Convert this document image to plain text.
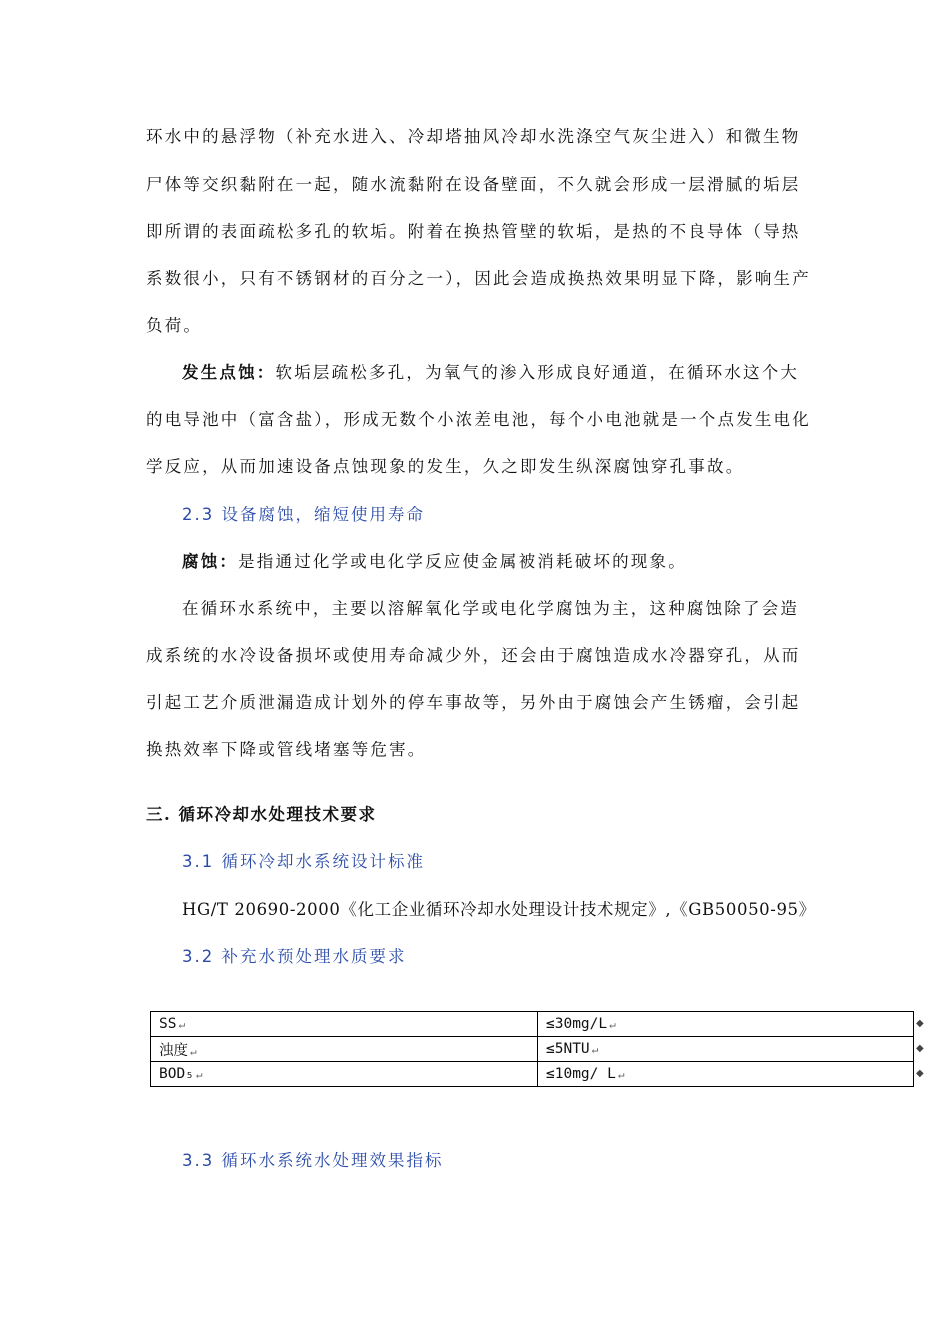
环水中的悬浮物（补充水进入、冷却塔抽风冷却水洗涤空气灰尘进入）和微生物
尸体等交织黏附在一起，随水流黏附在设备壁面，不久就会形成一层滑腻的垢层
即所谓的表面疏松多孔的软垢。附着在换热管壁的软垢，是热的不良导体（导热
系数很小，只有不锈钢材的百分之一），因此会造成换热效果明显下降，影响生产
负荷。
发生点蚀：软垢层疏松多孔，为氧气的渗入形成良好通道，在循环水这个大
的电导池中（富含盐），形成无数个小浓差电池，每个小电池就是一个点发生电化
学反应，从而加速设备点蚀现象的发生，久之即发生纵深腐蚀穿孔事故。
2.3 设备腐蚀，缩短使用寿命
腐蚀：是指通过化学或电化学反应使金属被消耗破坏的现象。
在循环水系统中，主要以溶解氧化学或电化学腐蚀为主，这种腐蚀除了会造
成系统的水冷设备损坏或使用寿命减少外，还会由于腐蚀造成水冷器穿孔，从而
引起工艺介质泄漏造成计划外的停车事故等，另外由于腐蚀会产生锈瘤，会引起
换热效率下降或管线堵塞等危害。
三. 循环冷却水处理技术要求
3.1 循环冷却水系统设计标准
HG/T 20690-2000《化工企业循环冷却水处理设计技术规定》,《GB50050-95》
3.2 补充水预处理水质要求
SS ↵	≤30mg/L ↵
浊度 ↵	≤5NTU ↵
BOD₅ ↵	≤10mg/ L ↵
◆
◆
◆
3.3 循环水系统水处理效果指标
